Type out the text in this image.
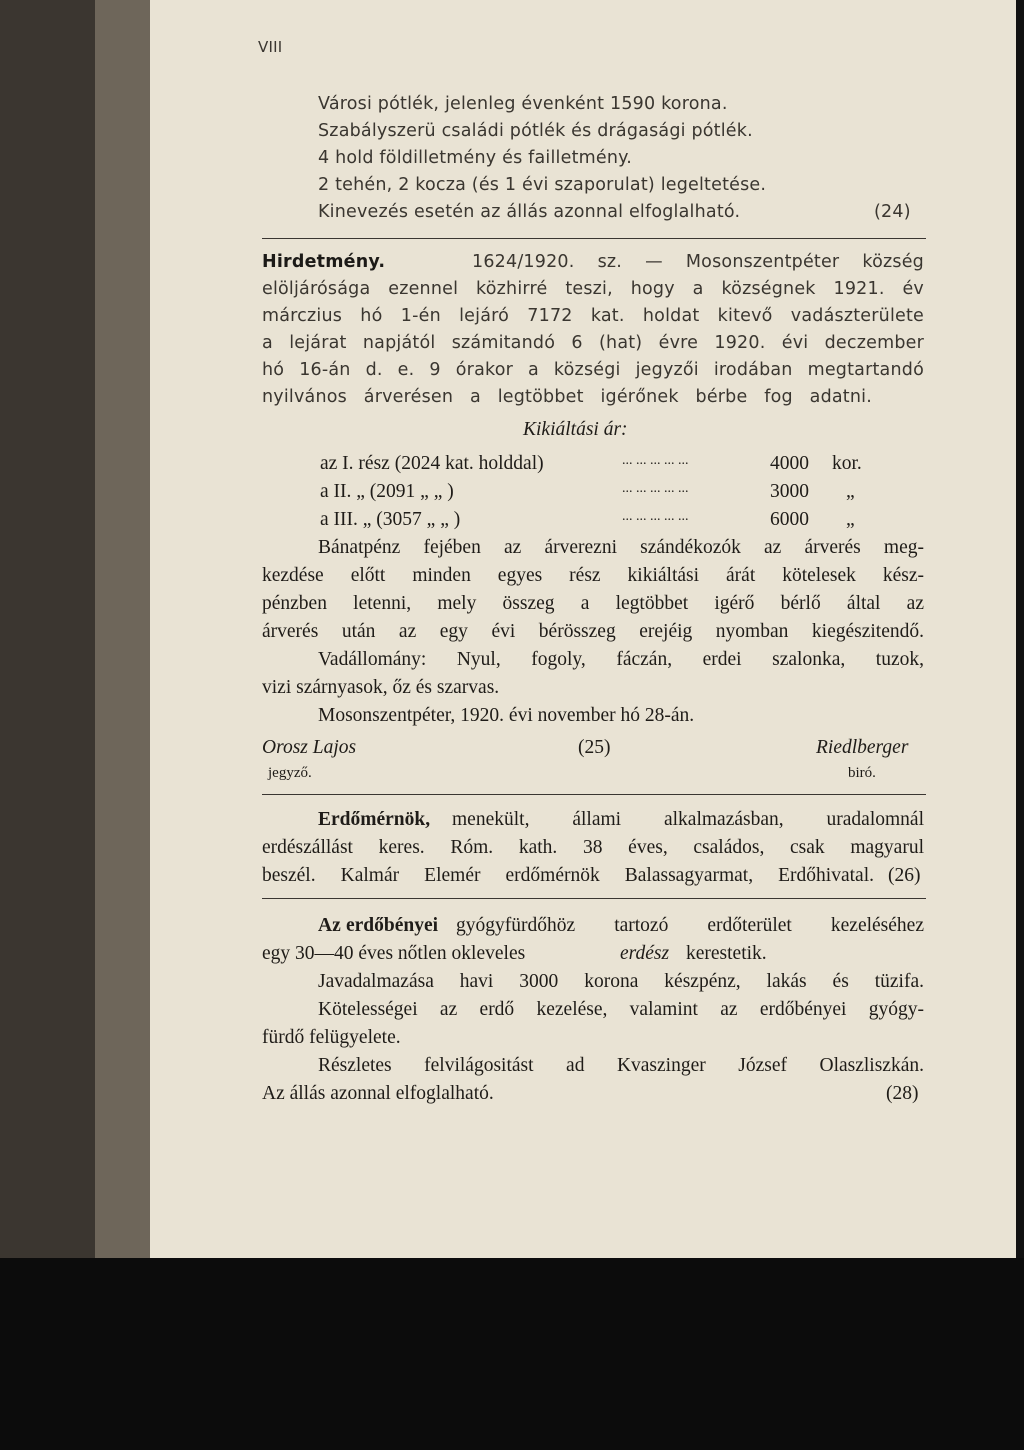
VIII
Városi pótlék, jelenleg évenként 1590 korona.
Szabályszerü családi pótlék és drágasági pótlék.
4 hold földilletmény és failletmény.
2 tehén, 2 kocza (és 1 évi szaporulat) legeltetése.
Kinevezés esetén az állás azonnal elfoglalható.	(24)
Hirdetmény.	1624/1920. sz. — Mosonszentpéter község
elöljárósága ezennel közhirré teszi, hogy a községnek 1921. év
márczius hó 1-én lejáró 7172 kat. holdat kitevő vadászterülete
a lejárat napjától számitandó 6 (hat) évre 1920. évi deczember
hó 16-án d. e. 9 órakor a községi jegyzői irodában megtartandó
nyilvános árverésen a legtöbbet igérőnek bérbe fog adatni.
Kikiáltási ár:
az I. rész (2024 kat. holddal)	... ... ... ... ...	4000 kor.
a II. „ (2091 „ „ )	... ... ... ... ...	3000 „
a III. „ (3057 „ „ )	... ... ... ... ...	6000 „
Bánatpénz fejében az árverezni szándékozók az árverés meg-
kezdése előtt minden egyes rész kikiáltási árát kötelesek kész-
pénzben letenni, mely összeg a legtöbbet igérő bérlő által az
árverés után az egy évi bérösszeg erejéig nyomban kiegészitendő.
Vadállomány: Nyul, fogoly, fáczán, erdei szalonka, tuzok,
vizi szárnyasok, őz és szarvas.
Mosonszentpéter, 1920. évi november hó 28-án.
Orosz Lajos	(25)	Riedlberger
jegyző.	biró.
Erdőmérnök, menekült, állami alkalmazásban, uradalomnál
erdészállást keres. Róm. kath. 38 éves, családos, csak magyarul
beszél. Kalmár Elemér erdőmérnök Balassagyarmat, Erdőhivatal. (26)
Az erdőbényei gyógyfürdőhöz tartozó erdőterület kezeléséhez
egy 30—40 éves nőtlen okleveles	erdész kerestetik.
Javadalmazása havi 3000 korona készpénz, lakás és tüzifa.
Kötelességei az erdő kezelése, valamint az erdőbényei gyógy-
fürdő felügyelete.
Részletes felvilágositást ad Kvaszinger József Olaszliszkán.
Az állás azonnal elfoglalható.	(28)
